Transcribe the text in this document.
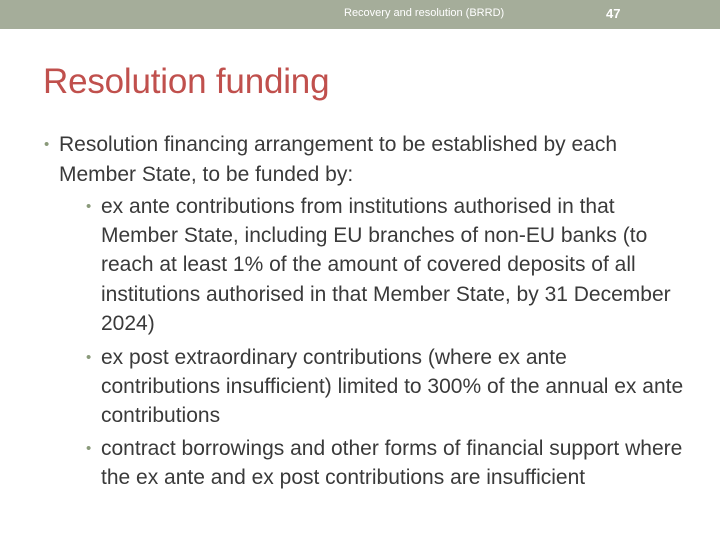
Recovery and resolution (BRRD)	47
Resolution funding
• Resolution financing arrangement to be established by each Member State, to be funded by:
• ex ante contributions from institutions authorised in that Member State, including EU branches of non-EU banks (to reach at least 1% of the amount of covered deposits of all institutions authorised in that Member State, by 31 December 2024)
• ex post extraordinary contributions (where ex ante contributions insufficient) limited to 300% of the annual ex ante contributions
• contract borrowings and other forms of financial support where the ex ante and ex post contributions are insufficient
